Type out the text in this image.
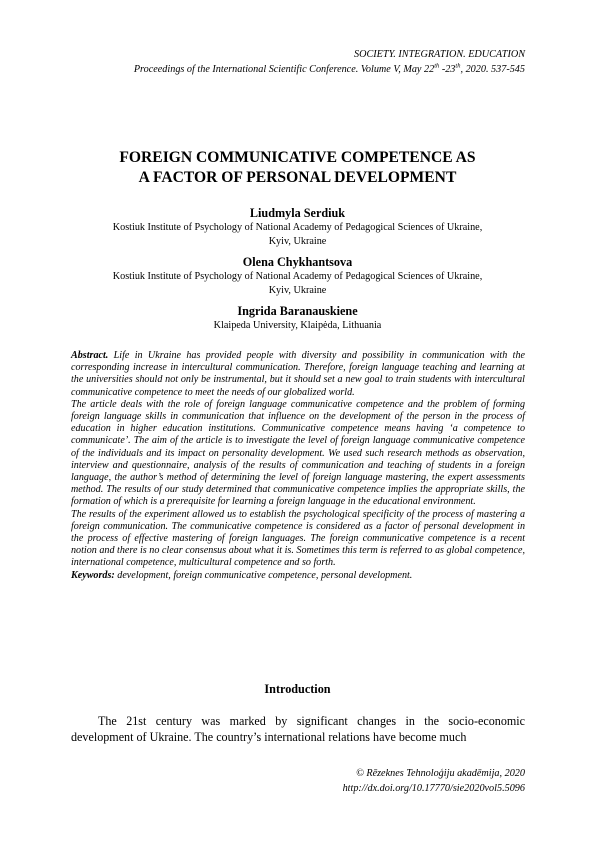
SOCIETY. INTEGRATION. EDUCATION
Proceedings of the International Scientific Conference. Volume V, May 22th -23th, 2020. 537-545
FOREIGN COMMUNICATIVE COMPETENCE AS
A FACTOR OF PERSONAL DEVELOPMENT
Liudmyla Serdiuk
Kostiuk Institute of Psychology of National Academy of Pedagogical Sciences of Ukraine,
Kyiv, Ukraine
Olena Chykhantsova
Kostiuk Institute of Psychology of National Academy of Pedagogical Sciences of Ukraine,
Kyiv, Ukraine
Ingrida Baranauskiene
Klaipeda University, Klaipėda, Lithuania

Abstract. Life in Ukraine has provided people with diversity and possibility in communication with the corresponding increase in intercultural communication. Therefore, foreign language teaching and learning at the universities should not only be instrumental, but it should set a new goal to train students with intercultural communicative competence to meet the needs of our globalized world.

The article deals with the role of foreign language communicative competence and the problem of forming foreign language skills in communication that influence on the development of the person in the process of education in higher education institutions. Communicative competence means having ‘a competence to communicate’. The aim of the article is to investigate the level of foreign language communicative competence of the individuals and its impact on personality development. We used such research methods as observation, interview and questionnaire, analysis of the results of communication and teaching of students in a foreign language, the author’s method of determining the level of foreign language mastering, the expert assessments method. The results of our study determined that communicative competence implies the appropriate skills, the formation of which is a prerequisite for learning a foreign language in the educational environment.

The results of the experiment allowed us to establish the psychological specificity of the process of mastering a foreign communication. The communicative competence is considered as a factor of personal development in the process of effective mastering of foreign languages. The foreign communicative competence is a recent notion and there is no clear consensus about what it is. Sometimes this term is referred to as global competence, international competence, multicultural competence and so forth.

Keywords: development, foreign communicative competence, personal development.

Introduction

The 21st century was marked by significant changes in the socio-economic development of Ukraine. The country’s international relations have become much

© Rēzeknes Tehnoloģiju akadēmija, 2020
http://dx.doi.org/10.17770/sie2020vol5.5096
